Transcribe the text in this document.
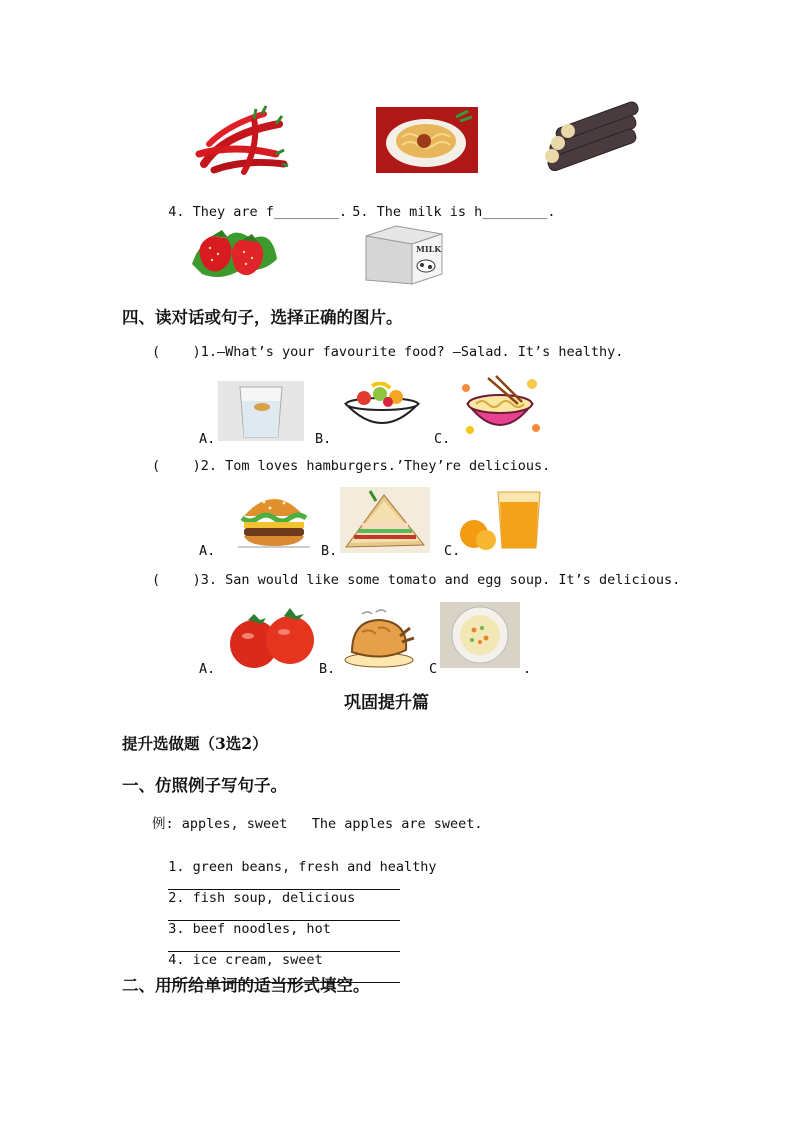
4. They are f________. 5. The milk is h________.

MILK
四、读对话或句子，选择正确的图片。
(    )1.—What’s your favourite food? —Salad. It’s healthy.
A.	B.	C.
(    )2. Tom loves hamburgers.’They’re delicious.
A.	B.	C.
(    )3. San would like some tomato and egg soup. It’s delicious.
A.	B.	C	.
巩固提升篇
提升选做题（3选2）
一、仿照例子写句子。
例: apples, sweet   The apples are sweet.

1. green beans, fresh and healthy

2. fish soup, delicious

3. beef noodles, hot

4. ice cream, sweet

二、用所给单词的适当形式填空。
